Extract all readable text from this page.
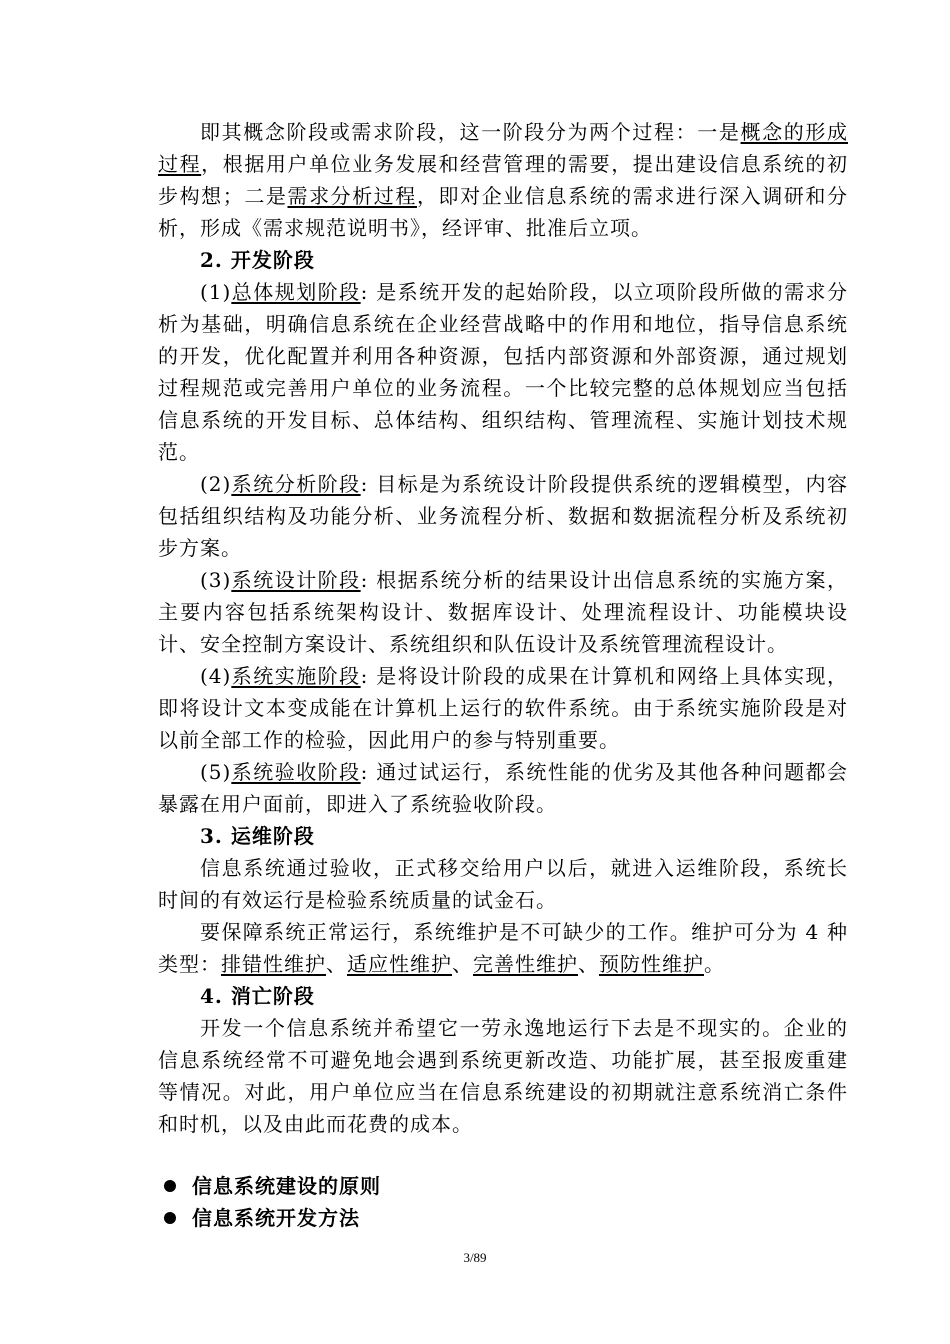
即其概念阶段或需求阶段，这一阶段分为两个过程：一是概念的形成过程，根据用户单位业务发展和经营管理的需要，提出建设信息系统的初步构想；二是需求分析过程，即对企业信息系统的需求进行深入调研和分析，形成《需求规范说明书》，经评审、批准后立项。

2. 开发阶段

(1)总体规划阶段: 是系统开发的起始阶段，以立项阶段所做的需求分析为基础，明确信息系统在企业经营战略中的作用和地位，指导信息系统的开发，优化配置并利用各种资源，包括内部资源和外部资源，通过规划过程规范或完善用户单位的业务流程。一个比较完整的总体规划应当包括信息系统的开发目标、总体结构、组织结构、管理流程、实施计划技术规范。

(2)系统分析阶段: 目标是为系统设计阶段提供系统的逻辑模型，内容包括组织结构及功能分析、业务流程分析、数据和数据流程分析及系统初步方案。

(3)系统设计阶段: 根据系统分析的结果设计出信息系统的实施方案，主要内容包括系统架构设计、数据库设计、处理流程设计、功能模块设计、安全控制方案设计、系统组织和队伍设计及系统管理流程设计。

(4)系统实施阶段: 是将设计阶段的成果在计算机和网络上具体实现，即将设计文本变成能在计算机上运行的软件系统。由于系统实施阶段是对以前全部工作的检验，因此用户的参与特别重要。

(5)系统验收阶段: 通过试运行，系统性能的优劣及其他各种问题都会暴露在用户面前，即进入了系统验收阶段。

3. 运维阶段

信息系统通过验收，正式移交给用户以后，就进入运维阶段，系统长时间的有效运行是检验系统质量的试金石。

要保障系统正常运行，系统维护是不可缺少的工作。维护可分为 4 种类型：排错性维护、适应性维护、完善性维护、预防性维护。

4. 消亡阶段

开发一个信息系统并希望它一劳永逸地运行下去是不现实的。企业的信息系统经常不可避免地会遇到系统更新改造、功能扩展，甚至报废重建等情况。对此，用户单位应当在信息系统建设的初期就注意系统消亡条件和时机，以及由此而花费的成本。

信息系统建设的原则
信息系统开发方法
3/89
